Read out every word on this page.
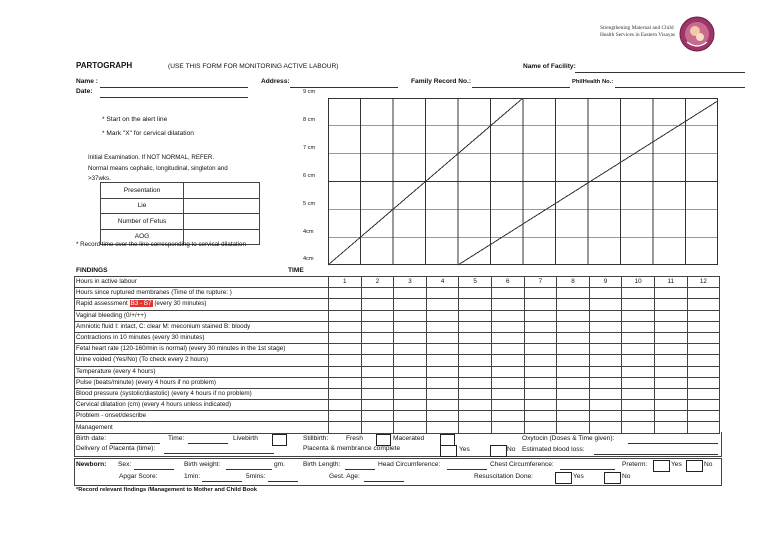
Strengthening Maternal and Child
Health Services in Eastern Visayas
PARTOGRAPH	(USE THIS FORM FOR MONITORING ACTIVE LABOUR)	Name of Facility:
Name :	Address:	Family Record No.:	PhilHealth No.:
Date:
* Start on the alert line
* Mark "X" for cervical dilatation
Initial Examination. If NOT NORMAL, REFER.
Normal means cephalic, longitudinal, singleton and
>37wks.
Presentation	
Lie	
Number of Fetus	
AOG	
* Record time over the line corresponding to cervical dilatation
9 cm
8 cm
7 cm
6 cm
5 cm
4cm
4cm
FINDINGS	TIME
Hours in active labour	1	2	3	4	5	6	7	8	9	10	11	12
Hours since ruptured membranes (Time of the rupture: )												
Rapid assessment B3 - B7 (every 30 minutes)												
Vaginal bleeding (0/+/++)												
Amniotic fluid I: intact, C: clear M: meconium stained B: bloody												
Contractions in 10 minutes (every 30 minutes)												
Fetal heart rate (120-160/min is normal) (every 30 minutes in the 1st stage)												
Urine voided (Yes/No) (To check every 2 hours)												
Temperature (every 4 hours)												
Pulse (beats/minute) (every 4 hours if no problem)												
Blood pressure (systolic/diastolic) (every 4 hours if no problem)												
Cervical dilatation (cm) (every 4 hours unless indicated)												
Problem - onset/describe												
Management												
Birth date:	Time:	Livebirth	Stillbirth:	Fresh	Macerated	Oxytocin (Doses & Time given):
Delivery of Placenta (time):	Placenta & membrance complete	Yes	No Estimated blood loss:
Newborn: Sex:	Birth weight:	gm.	Birth Length:	Head Circumference:	Chest Circumference:	Preterm:	Yes	No
Apgar Score:	1min:	5mins:	Gest. Age:	Resuscitation Done:	Yes	No
*Record relevant findings /Management to Mother and Child Book
